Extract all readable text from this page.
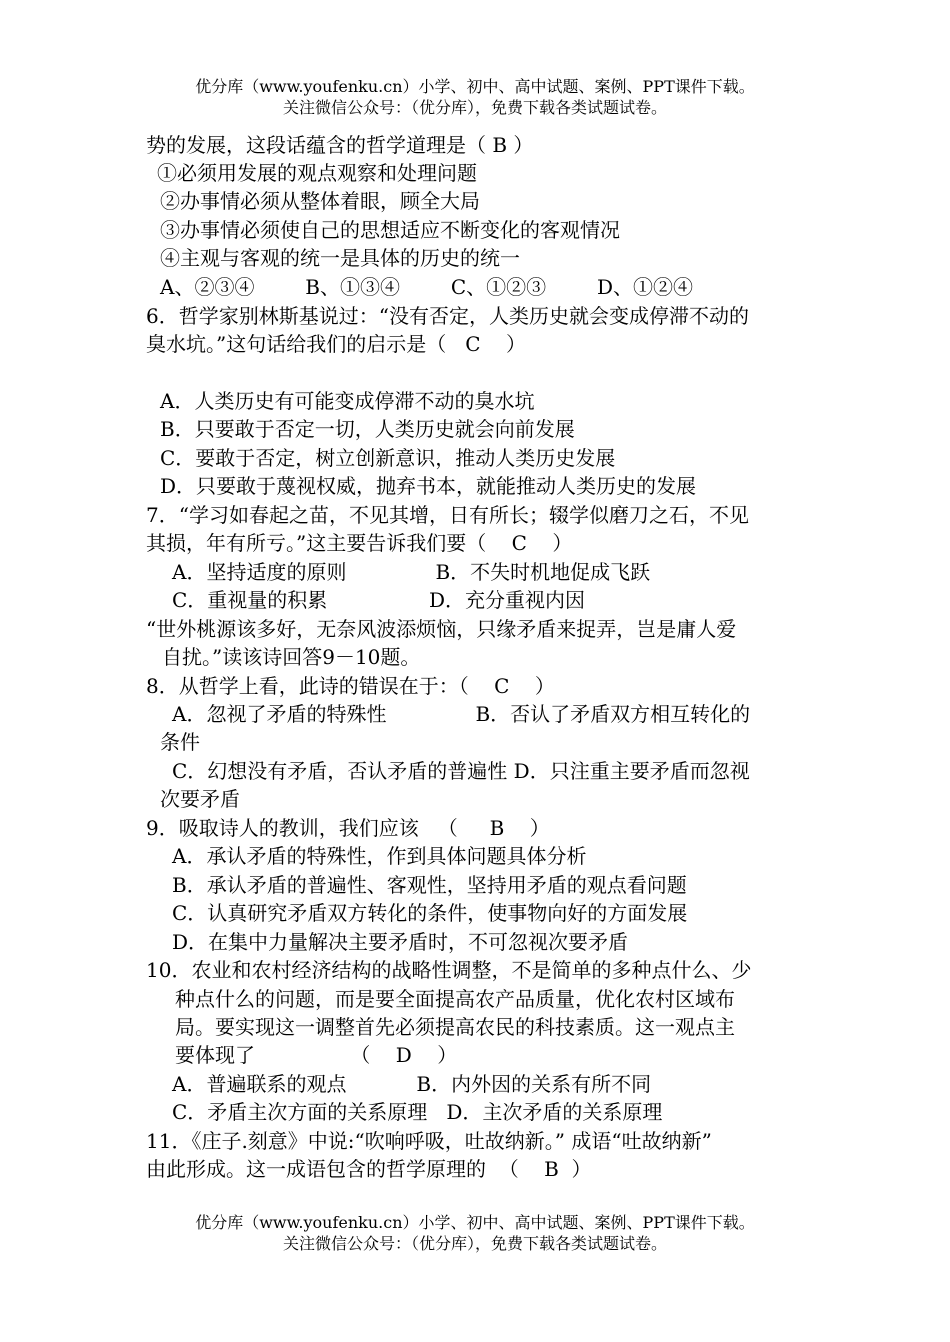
优分库（www.youfenku.cn）小学、初中、高中试题、案例、PPT课件下载。
关注微信公众号：（优分库），免费下载各类试题试卷。
势的发展，这段话蕴含的哲学道理是（ B ）
①必须用发展的观点观察和处理问题
②办事情必须从整体着眼，顾全大局
③办事情必须使自己的思想适应不断变化的客观情况
④主观与客观的统一是具体的历史的统一
A、②③④        B、①③④        C、①②③        D、①②④
6．哲学家别林斯基说过：“没有否定，人类历史就会变成停滞不动的
臭水坑。”这句话给我们的启示是（   C    ）
A．人类历史有可能变成停滞不动的臭水坑
B．只要敢于否定一切，人类历史就会向前发展
C．要敢于否定，树立创新意识，推动人类历史发展
D．只要敢于蔑视权威，抛弃书本，就能推动人类历史的发展
7．“学习如春起之苗，不见其增，日有所长；辍学似磨刀之石，不见
其损，年有所亏。”这主要告诉我们要（    C    ）
A．坚持适度的原则              B．不失时机地促成飞跃
C．重视量的积累                D．充分重视内因
“世外桃源该多好，无奈风波添烦恼，只缘矛盾来捉弄，岂是庸人爱
自扰。”读该诗回答9－10题。
8．从哲学上看，此诗的错误在于：（    C    ）
A．忽视了矛盾的特殊性              B．否认了矛盾双方相互转化的
条件
C．幻想没有矛盾，否认矛盾的普遍性 D．只注重主要矛盾而忽视
次要矛盾
9．吸取诗人的教训，我们应该   （     B    ）
A．承认矛盾的特殊性，作到具体问题具体分析
B．承认矛盾的普遍性、客观性，坚持用矛盾的观点看问题
C．认真研究矛盾双方转化的条件，使事物向好的方面发展
D．在集中力量解决主要矛盾时，不可忽视次要矛盾
10．农业和农村经济结构的战略性调整，不是简单的多种点什么、少
种点什么的问题，而是要全面提高农产品质量，优化农村区域布
局。要实现这一调整首先必须提高农民的科技素质。这一观点主
要体现了               （    D    ）
A．普遍联系的观点           B．内外因的关系有所不同
C．矛盾主次方面的关系原理   D．主次矛盾的关系原理
11．《庄子.刻意》中说:“吹响呼吸，吐故纳新。” 成语“吐故纳新”
由此形成。这一成语包含的哲学原理的  （    B  ）
优分库（www.youfenku.cn）小学、初中、高中试题、案例、PPT课件下载。
关注微信公众号：（优分库），免费下载各类试题试卷。
